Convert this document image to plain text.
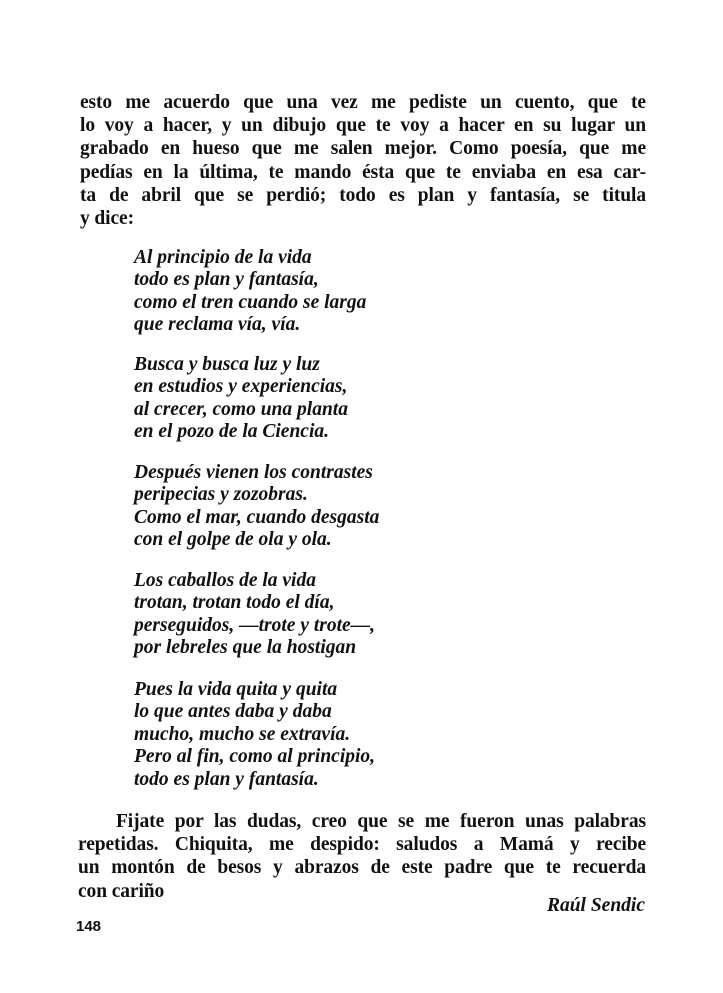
esto me acuerdo que una vez me pediste un cuento, que te
lo voy a hacer, y un dibujo que te voy a hacer en su lugar un
grabado en hueso que me salen mejor. Como poesía, que me
pedías en la última, te mando ésta que te enviaba en esa car-
ta de abril que se perdió; todo es plan y fantasía, se titula
y dice:
Al principio de la vida
todo es plan y fantasía,
como el tren cuando se larga
que reclama vía, vía.
Busca y busca luz y luz
en estudios y experiencias,
al crecer, como una planta
en el pozo de la Ciencia.
Después vienen los contrastes
peripecias y zozobras.
Como el mar, cuando desgasta
con el golpe de ola y ola.
Los caballos de la vida
trotan, trotan todo el día,
perseguidos, —trote y trote—,
por lebreles que la hostigan
Pues la vida quita y quita
lo que antes daba y daba
mucho, mucho se extravía.
Pero al fin, como al principio,
todo es plan y fantasía.
Fijate por las dudas, creo que se me fueron unas palabras
repetidas. Chiquita, me despido: saludos a Mamá y recibe
un montón de besos y abrazos de este padre que te recuerda
con cariño
Raúl Sendic
148
